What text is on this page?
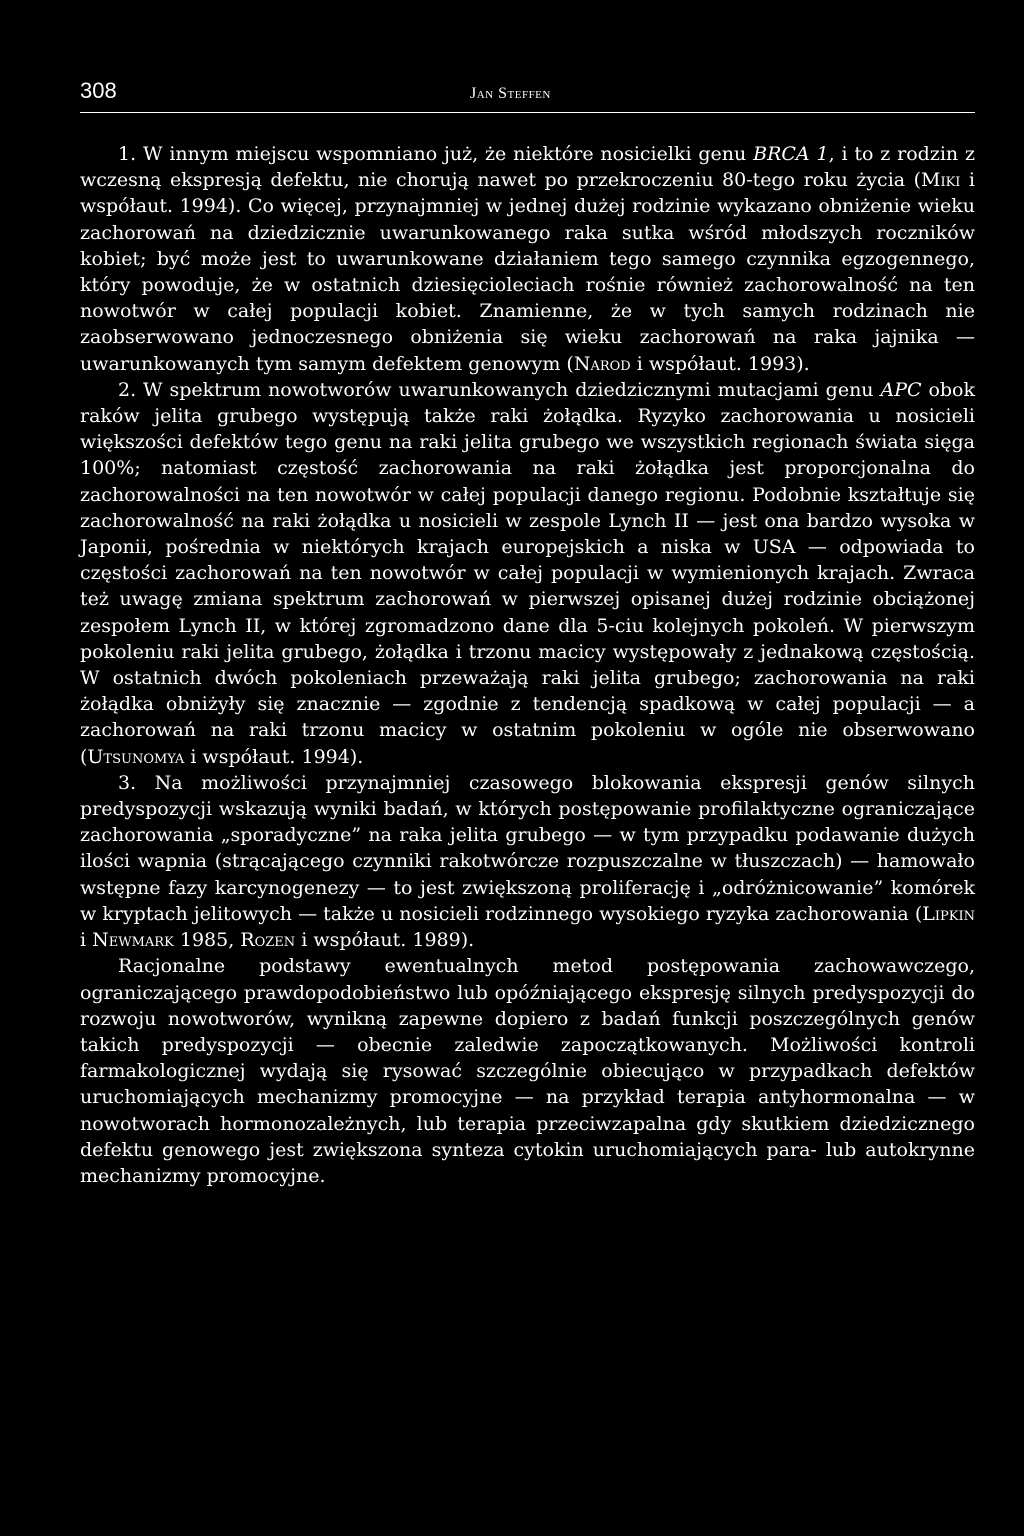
308	Jan Steffen

1. W innym miejscu wspomniano już, że niektóre nosicielki genu BRCA 1, i to z rodzin z wczesną ekspresją defektu, nie chorują nawet po przekroczeniu 80-tego roku życia (Miki i współaut. 1994). Co więcej, przynajmniej w jednej dużej rodzinie wykazano obniżenie wieku zachorowań na dziedzicznie uwarunkowanego raka sutka wśród młodszych roczników kobiet; być może jest to uwarunkowane działaniem tego samego czynnika egzogennego, który powoduje, że w ostatnich dziesięcioleciach rośnie również zachorowalność na ten nowotwór w całej populacji kobiet. Znamienne, że w tych samych rodzinach nie zaobserwowano jednoczesnego obniżenia się wieku zachorowań na raka jajnika — uwarunkowanych tym samym defektem genowym (Narod i współaut. 1993).

2. W spektrum nowotworów uwarunkowanych dziedzicznymi mutacjami genu APC obok raków jelita grubego występują także raki żołądka. Ryzyko zachorowania u nosicieli większości defektów tego genu na raki jelita grubego we wszystkich regionach świata sięga 100%; natomiast częstość zachorowania na raki żołądka jest proporcjonalna do zachorowalności na ten nowotwór w całej populacji danego regionu. Podobnie kształtuje się zachorowalność na raki żołądka u nosicieli w zespole Lynch II — jest ona bardzo wysoka w Japonii, pośrednia w niektórych krajach europejskich a niska w USA — odpowiada to częstości zachorowań na ten nowotwór w całej populacji w wymienionych krajach. Zwraca też uwagę zmiana spektrum zachorowań w pierwszej opisanej dużej rodzinie obciążonej zespołem Lynch II, w której zgromadzono dane dla 5-ciu kolejnych pokoleń. W pierwszym pokoleniu raki jelita grubego, żołądka i trzonu macicy występowały z jednakową częstością. W ostatnich dwóch pokoleniach przeważają raki jelita grubego; zachorowania na raki żołądka obniżyły się znacznie — zgodnie z tendencją spadkową w całej populacji — a zachorowań na raki trzonu macicy w ostatnim pokoleniu w ogóle nie obserwowano (Utsunomya i współaut. 1994).

3. Na możliwości przynajmniej czasowego blokowania ekspresji genów silnych predyspozycji wskazują wyniki badań, w których postępowanie profilaktyczne ograniczające zachorowania „sporadyczne” na raka jelita grubego — w tym przypadku podawanie dużych ilości wapnia (strącającego czynniki rakotwórcze rozpuszczalne w tłuszczach) — hamowało wstępne fazy karcynogenezy — to jest zwiększoną proliferację i „odróżnicowanie” komórek w kryptach jelitowych — także u nosicieli rodzinnego wysokiego ryzyka zachorowania (Lipkin i Newmark 1985, Rozen i współaut. 1989).

Racjonalne podstawy ewentualnych metod postępowania zachowawczego, ograniczającego prawdopodobieństwo lub opóźniającego ekspresję silnych predyspozycji do rozwoju nowotworów, wynikną zapewne dopiero z badań funkcji poszczególnych genów takich predyspozycji — obecnie zaledwie zapoczątkowanych. Możliwości kontroli farmakologicznej wydają się rysować szczególnie obiecująco w przypadkach defektów uruchomiających mechanizmy promocyjne — na przykład terapia antyhormonalna — w nowotworach hormonozależnych, lub terapia przeciwzapalna gdy skutkiem dziedzicznego defektu genowego jest zwiększona synteza cytokin uruchomiających para- lub autokrynne mechanizmy promocyjne.
